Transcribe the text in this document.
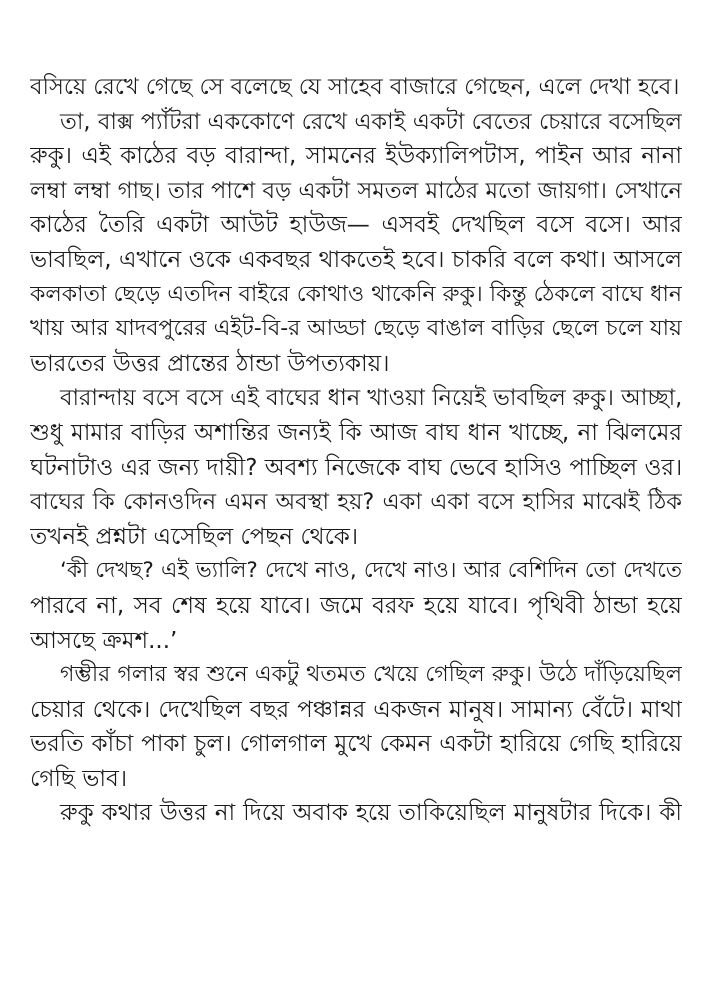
বসিয়ে রেখে গেছে সে বলেছে যে সাহেব বাজারে গেছেন, এলে দেখা হবে।
তা, বাক্স প্যাঁটরা এককোণে রেখে একাই একটা বেতের চেয়ারে বসেছিল
রুকু। এই কাঠের বড় বারান্দা, সামনের ইউক্যালিপটাস, পাইন আর নানা
লম্বা লম্বা গাছ। তার পাশে বড় একটা সমতল মাঠের মতো জায়গা। সেখানে
কাঠের তৈরি একটা আউট হাউজ— এসবই দেখছিল বসে বসে। আর
ভাবছিল, এখানে ওকে একবছর থাকতেই হবে। চাকরি বলে কথা। আসলে
কলকাতা ছেড়ে এতদিন বাইরে কোথাও থাকেনি রুকু। কিন্তু ঠেকলে বাঘে ধান
খায় আর যাদবপুরের এইট-বি-র আড্ডা ছেড়ে বাঙাল বাড়ির ছেলে চলে যায়
ভারতের উত্তর প্রান্তের ঠান্ডা উপত্যকায়।
বারান্দায় বসে বসে এই বাঘের ধান খাওয়া নিয়েই ভাবছিল রুকু। আচ্ছা,
শুধু মামার বাড়ির অশান্তির জন্যই কি আজ বাঘ ধান খাচ্ছে, না ঝিলমের
ঘটনাটাও এর জন্য দায়ী? অবশ্য নিজেকে বাঘ ভেবে হাসিও পাচ্ছিল ওর।
বাঘের কি কোনওদিন এমন অবস্থা হয়? একা একা বসে হাসির মাঝেই ঠিক
তখনই প্রশ্নটা এসেছিল পেছন থেকে।
‘কী দেখছ? এই ভ্যালি? দেখে নাও, দেখে নাও। আর বেশিদিন তো দেখতে
পারবে না, সব শেষ হয়ে যাবে। জমে বরফ হয়ে যাবে। পৃথিবী ঠান্ডা হয়ে
আসছে ক্রমশ...’
গম্ভীর গলার স্বর শুনে একটু থতমত খেয়ে গেছিল রুকু। উঠে দাঁড়িয়েছিল
চেয়ার থেকে। দেখেছিল বছর পঞ্চান্নর একজন মানুষ। সামান্য বেঁটে। মাথা
ভরতি কাঁচা পাকা চুল। গোলগাল মুখে কেমন একটা হারিয়ে গেছি হারিয়ে
গেছি ভাব।
রুকু কথার উত্তর না দিয়ে অবাক হয়ে তাকিয়েছিল মানুষটার দিকে। কী
